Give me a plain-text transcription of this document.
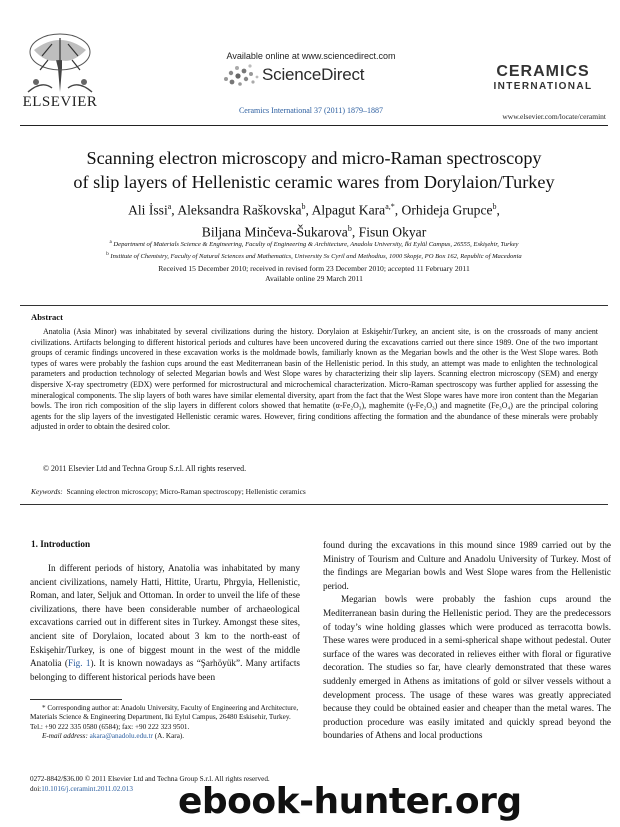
ELSEVIER
Available online at www.sciencedirect.com
ScienceDirect
Ceramics International 37 (2011) 1879–1887
CERAMICS
INTERNATIONAL
www.elsevier.com/locate/ceramint
Scanning electron microscopy and micro-Raman spectroscopy
of slip layers of Hellenistic ceramic wares from Dorylaion/Turkey
Ali İssi$^a$, Aleksandra Raškovska$^b$, Alpagut Kara$^{a,*}$, Orhideja Grupce$^b$,
Biljana Minčeva-Šukarova$^b$, Fisun Okyar
$^a$ Department of Materials Science & Engineering, Faculty of Engineering & Architecture, Anadolu University, İki Eylül Campus, 26555, Eskişehir, Turkey
$^b$ Institute of Chemistry, Faculty of Natural Sciences and Mathematics, University Ss Cyril and Methodius, 1000 Skopje, PO Box 162, Republic of Macedonia
Received 15 December 2010; received in revised form 23 December 2010; accepted 11 February 2011
Available online 29 March 2011
Abstract

Anatolia (Asia Minor) was inhabitated by several civilizations during the history. Dorylaion at Eskişehir/Turkey, an ancient site, is on the crossroads of many ancient civilizations. Artifacts belonging to different historical periods and cultures have been uncovered during the excavations carried out there since 1989. One of the two important groups of ceramic findings uncovered in these excavation works is the moldmade bowls, familiarly known as the Megarian bowls and the other is the West Slope wares. Both types of wares were probably the fashion cups around the east Mediterranean basin of the Hellenistic period. In this study, an attempt was made to enlighten the technological parameters and production technology of selected Megarian bowls and West Slope wares by characterizing their slip layers. Scanning electron microscopy (SEM) and energy dispersive X-ray spectrometry (EDX) were performed for microstructural and microchemical characterization. Micro-Raman spectroscopy was further applied for assessing the mineralogical components. The slip layers of both wares have similar elemental diversity, apart from the fact that the West Slope wares have more iron content than the Megarian bowls. The iron rich composition of the slip layers in different colors showed that hematite (α-Fe₂O₃), maghemite (γ-Fe₂O₃) and magnetite (Fe₃O₄) are the principal coloring agents for the slip layers of the investigated Hellenistic ceramic wares. However, firing conditions affecting the formation and the abundance of these minerals were probably adjusted in order to obtain the desired color.

© 2011 Elsevier Ltd and Techna Group S.r.l. All rights reserved.
Keywords: Scanning electron microscopy; Micro-Raman spectroscopy; Hellenistic ceramics
1. Introduction

In different periods of history, Anatolia was inhabitated by many ancient civilizations, namely Hatti, Hittite, Urartu, Phrgyia, Hellenistic, Roman, and later, Seljuk and Ottoman. In order to unveil the life of these civilizations, there have been considerable number of archaeological excavations carried out in different sites in Turkey. Amongst these sites, ancient site of Dorylaion, located about 3 km to the north-east of Eskişehir/Turkey, is one of biggest mount in the west of the middle Anatolia (Fig. 1). It is known nowadays as “Şarhöyük”. Many artifacts belonging to different historical periods have been

found during the excavations in this mound since 1989 carried out by the Ministry of Tourism and Culture and Anadolu University of Turkey. Most of the findings are Megarian bowls and West Slope wares from the Hellenistic period.

Megarian bowls were probably the fashion cups around the Mediterranean basin during the Hellenistic period. They are the predecessors of today’s wine holding glasses which were produced as terracotta bowls. These wares were produced in a semi-spherical shape without pedestal. Outer surface of the wares was decorated in relieves either with floral or figurative decoration. The studies so far, have clearly demonstrated that these wares suddenly emerged in Athens as imitations of gold or silver vessels without a development process. The usage of these wares was greatly appreciated because they could be obtained easier and cheaper than the metal wares. The production procedure was easily imitated and quickly spread beyond the boundaries of Athens and local productions

* Corresponding author at: Anadolu University, Faculty of Engineering and Architecture, Materials Science & Engineering Department, Iki Eylul Campus, 26480 Eskisehir, Turkey. Tel.: +90 222 335 0580 (6584); fax: +90 222 323 9501.

E-mail address: akara@anadolu.edu.tr (A. Kara).

0272-8842/$36.00 © 2011 Elsevier Ltd and Techna Group S.r.l. All rights reserved.
doi:10.1016/j.ceramint.2011.02.013	ebook-hunter.org
